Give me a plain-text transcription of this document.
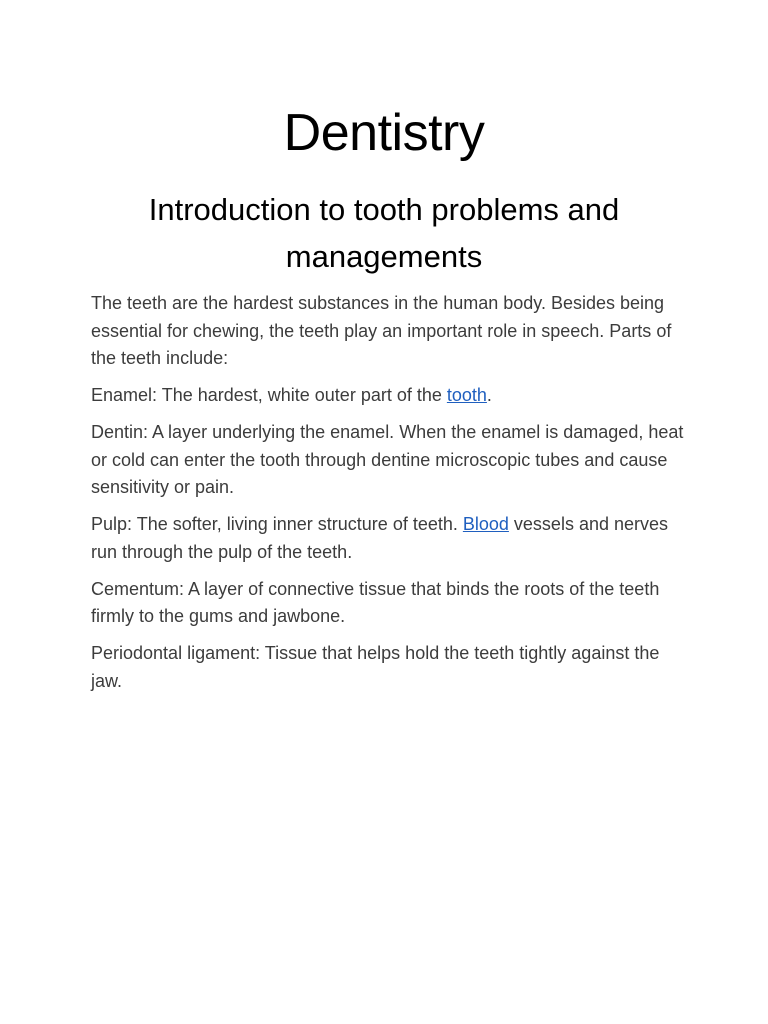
Dentistry
Introduction to tooth problems and managements

The teeth are the hardest substances in the human body. Besides being essential for chewing, the teeth play an important role in speech. Parts of the teeth include:

Enamel: The hardest, white outer part of the tooth.

Dentin: A layer underlying the enamel. When the enamel is damaged, heat or cold can enter the tooth through dentine microscopic tubes and cause sensitivity or pain.

Pulp: The softer, living inner structure of teeth. Blood vessels and nerves run through the pulp of the teeth.

Cementum: A layer of connective tissue that binds the roots of the teeth firmly to the gums and jawbone.

Periodontal ligament: Tissue that helps hold the teeth tightly against the jaw.
